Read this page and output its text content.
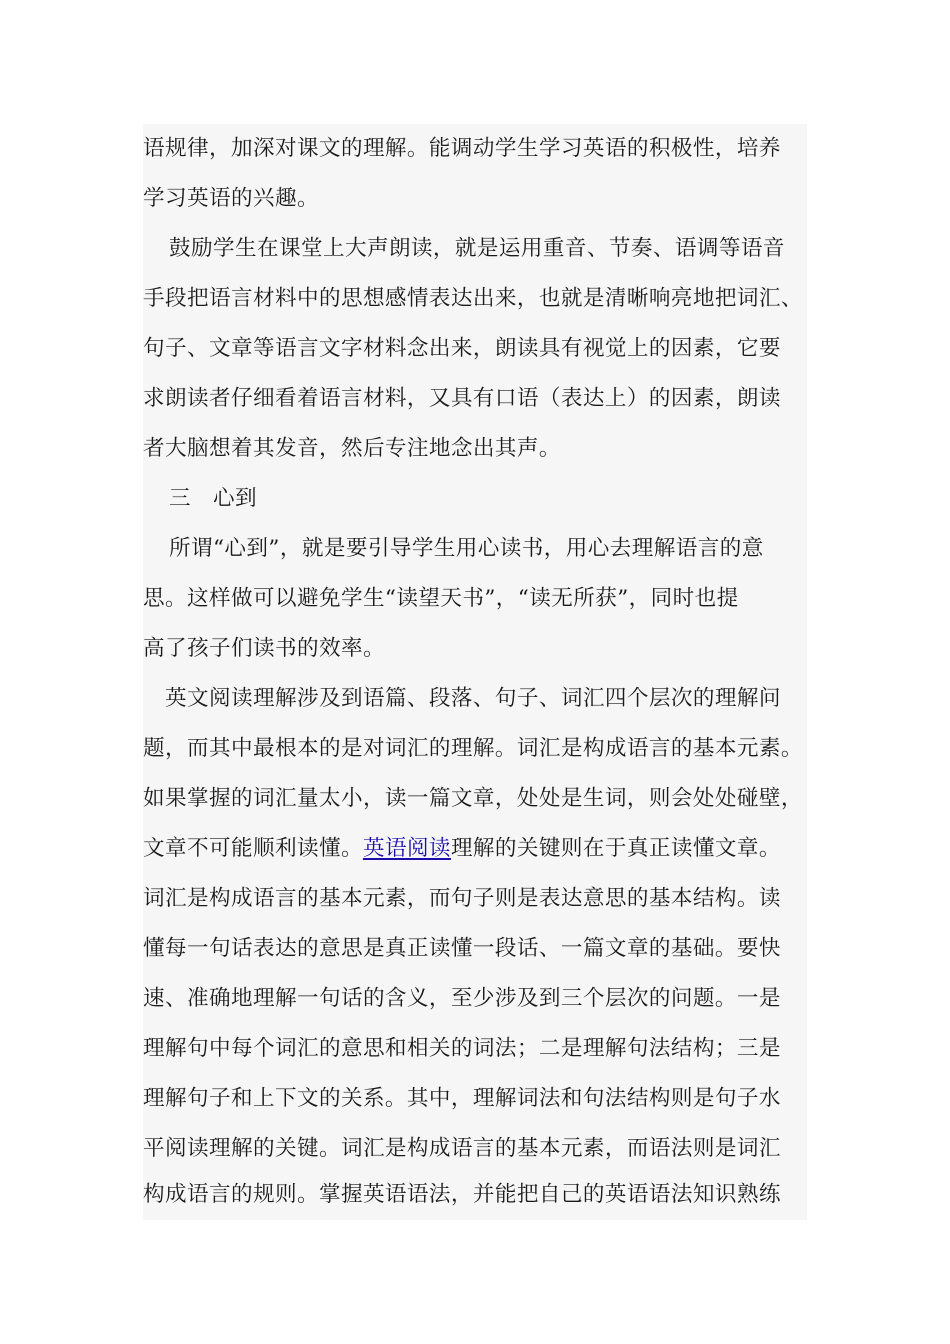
语规律，加深对课文的理解。能调动学生学习英语的积极性，培养
学习英语的兴趣。
鼓励学生在课堂上大声朗读，就是运用重音、节奏、语调等语音
手段把语言材料中的思想感情表达出来，也就是清晰响亮地把词汇、
句子、文章等语言文字材料念出来，朗读具有视觉上的因素，它要
求朗读者仔细看着语言材料，又具有口语（表达上）的因素，朗读
者大脑想着其发音，然后专注地念出其声。
三　心到
所谓“心到”，就是要引导学生用心读书，用心去理解语言的意
思。这样做可以避免学生“读望天书”，“读无所获”，同时也提
高了孩子们读书的效率。
英文阅读理解涉及到语篇、段落、句子、词汇四个层次的理解问
题，而其中最根本的是对词汇的理解。词汇是构成语言的基本元素。
如果掌握的词汇量太小，读一篇文章，处处是生词，则会处处碰壁，
文章不可能顺利读懂。英语阅读理解的关键则在于真正读懂文章。
词汇是构成语言的基本元素，而句子则是表达意思的基本结构。读
懂每一句话表达的意思是真正读懂一段话、一篇文章的基础。要快
速、准确地理解一句话的含义，至少涉及到三个层次的问题。一是
理解句中每个词汇的意思和相关的词法；二是理解句法结构；三是
理解句子和上下文的关系。其中，理解词法和句法结构则是句子水
平阅读理解的关键。词汇是构成语言的基本元素，而语法则是词汇
构成语言的规则。掌握英语语法，并能把自己的英语语法知识熟练
